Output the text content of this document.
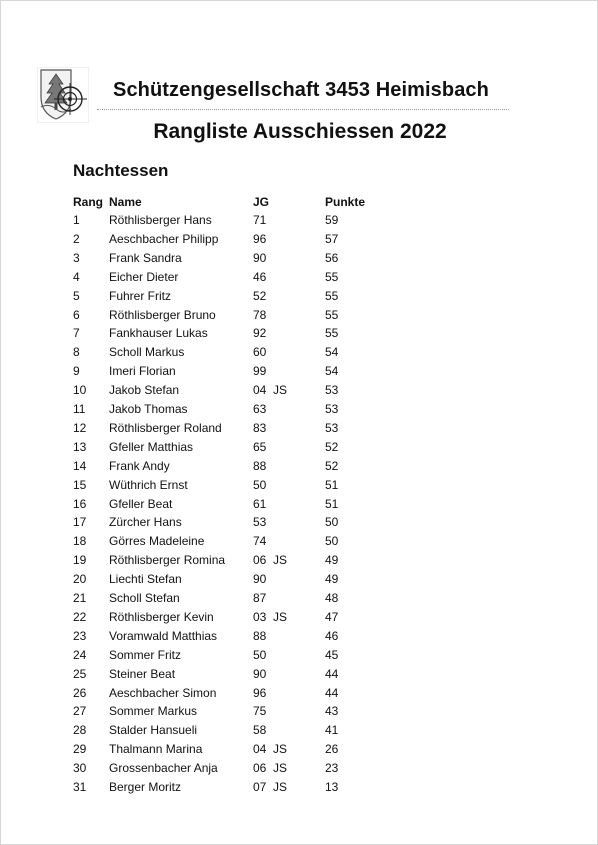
Schützengesellschaft 3453 Heimisbach
Rangliste Ausschiessen 2022
Nachtessen
Rang Name	JG	Punkte
1 Röthlisberger Hans	71	59
2 Aeschbacher Philipp	96	57
3 Frank Sandra	90	56
4 Eicher Dieter	46	55
5 Fuhrer Fritz	52	55
6 Röthlisberger Bruno	78	55
7 Fankhauser Lukas	92	55
8 Scholl Markus	60	54
9 Imeri Florian	99	54
10 Jakob Stefan	04 JS	53
11 Jakob Thomas	63	53
12 Röthlisberger Roland	83	53
13 Gfeller Matthias	65	52
14 Frank Andy	88	52
15 Wüthrich Ernst	50	51
16 Gfeller Beat	61	51
17 Zürcher Hans	53	50
18 Görres Madeleine	74	50
19 Röthlisberger Romina 06 JS	49
20 Liechti Stefan	90	49
21 Scholl Stefan	87	48
22 Röthlisberger Kevin	03 JS	47
23 Voramwald Matthias	88	46
24 Sommer Fritz	50	45
25 Steiner Beat	90	44
26 Aeschbacher Simon	96	44
27 Sommer Markus	75	43
28 Stalder Hansueli	58	41
29 Thalmann Marina	04 JS	26
30 Grossenbacher Anja	06 JS	23
31 Berger Moritz	07 JS	13
